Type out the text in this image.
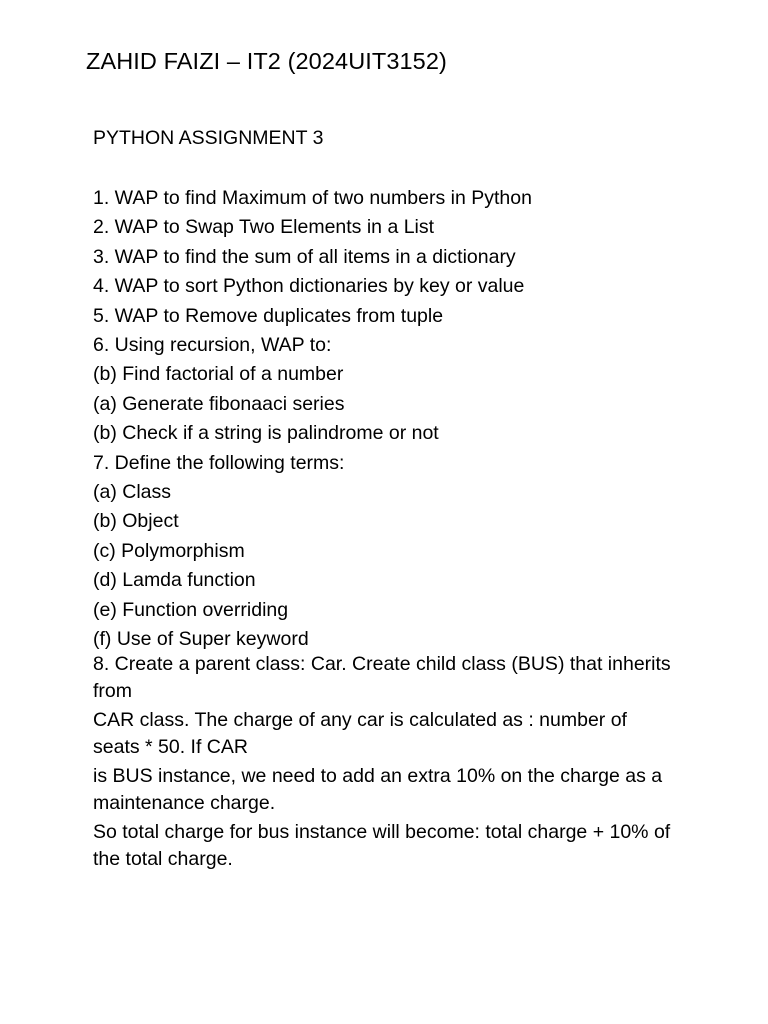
ZAHID FAIZI – IT2 (2024UIT3152)
PYTHON ASSIGNMENT 3
1. WAP to find Maximum of two numbers in Python
2. WAP to Swap Two Elements in a List
3. WAP to find the sum of all items in a dictionary
4. WAP to sort Python dictionaries by key or value
5. WAP to Remove duplicates from tuple
6. Using recursion, WAP to:
(b) Find factorial of a number
(a) Generate fibonaaci series
(b) Check if a string is palindrome or not
7. Define the following terms:
(a) Class
(b) Object
(c) Polymorphism
(d) Lamda function
(e) Function overriding
(f) Use of Super keyword

8. Create a parent class: Car. Create child class (BUS) that inherits from

CAR class. The charge of any car is calculated as : number of seats * 50. If CAR

is BUS instance, we need to add an extra 10% on the charge as a maintenance charge.

So total charge for bus instance will become: total charge + 10% of the total charge.
